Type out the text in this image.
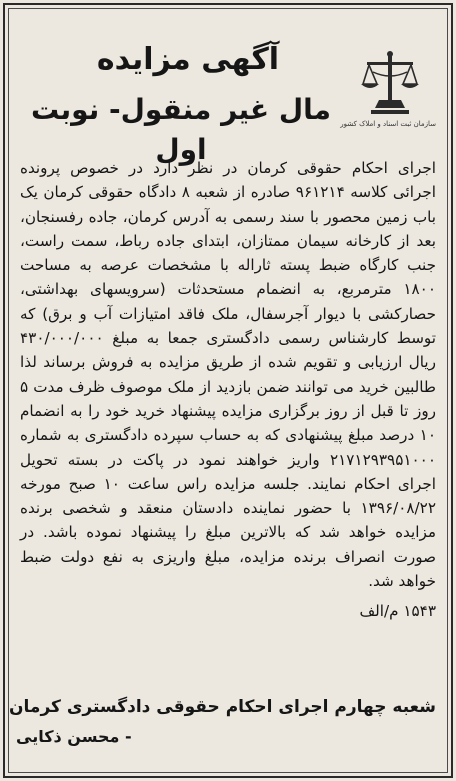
سازمان ثبت اسناد و املاک کشور
آگهی مزایده
مال غیر منقول- نوبت اول

اجرای احکام حقوقی کرمان در نظر دارد در خصوص پرونده اجرائی کلاسه ۹۶۱۲۱۴ صادره از شعبه ۸ دادگاه حقوقی کرمان یک باب زمین محصور با سند رسمی به آدرس کرمان، جاده رفسنجان، بعد از کارخانه سیمان ممتازان، ابتدای جاده رباط، سمت راست، جنب کارگاه ضبط پسته ثاراله با مشخصات عرصه به مساحت ۱۸۰۰ مترمربع، به انضمام مستحدثات (سرویسهای بهداشتی، حصارکشی با دیوار آجرسفال، ملک فاقد امتیازات آب و برق) که توسط کارشناس رسمی دادگستری جمعا به مبلغ ۴۳۰/۰۰۰/۰۰۰ ریال ارزیابی و تقویم شده از طریق مزایده به فروش برساند لذا طالبین خرید می توانند ضمن بازدید از ملک موصوف ظرف مدت ۵ روز تا قبل از روز برگزاری مزایده پیشنهاد خرید خود را به انضمام ۱۰ درصد مبلغ پیشنهادی که به حساب سپرده دادگستری به شماره ۲۱۷۱۲۹۳۹۵۱۰۰۰ واریز خواهند نمود در پاکت در بسته تحویل اجرای احکام نمایند. جلسه مزایده راس ساعت ۱۰ صبح مورخه ۱۳۹۶/۰۸/۲۲ با حضور نماینده دادستان منعقد و شخصی برنده مزایده خواهد شد که بالاترین مبلغ را پیشنهاد نموده باشد. در صورت انصراف برنده مزایده، مبلغ واریزی به نفع دولت ضبط خواهد شد.

۱۵۴۳ م/الف
شعبه چهارم اجرای احکام حقوقی دادگستری کرمان
- محسن ذکایی
